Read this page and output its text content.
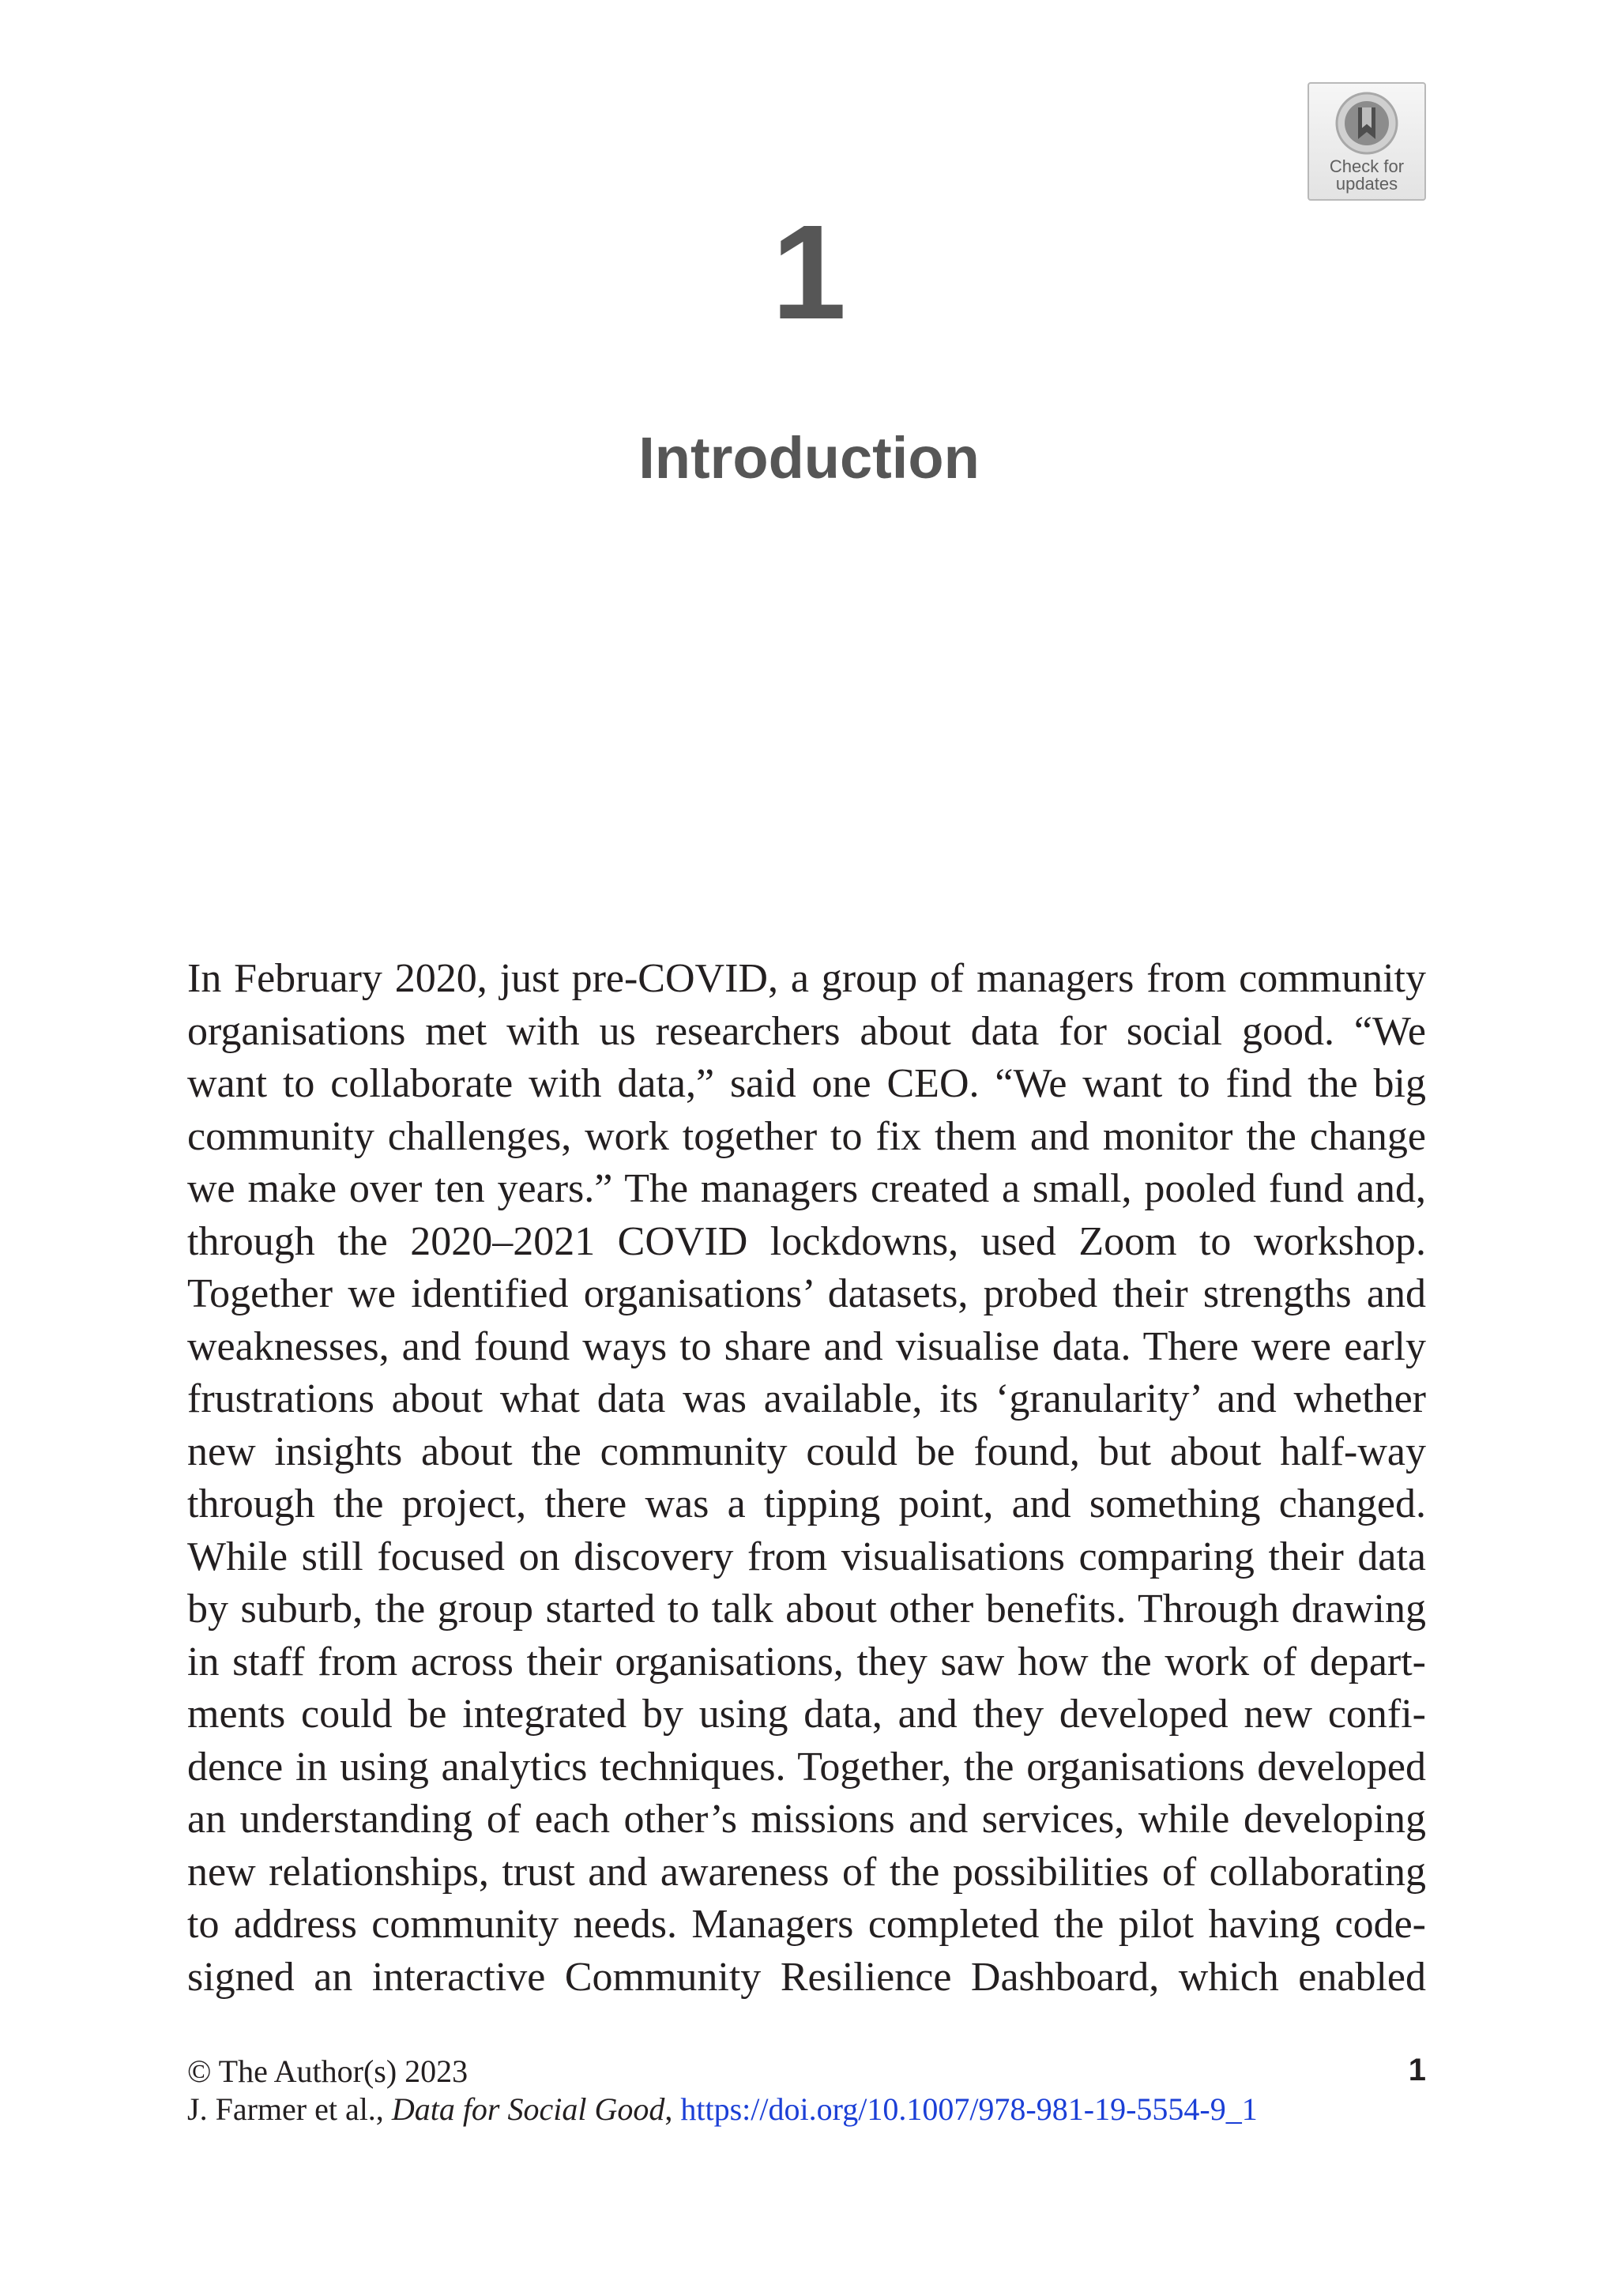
Check for
updates
1
Introduction
In February 2020, just pre-COVID, a group of managers from community
organisations met with us researchers about data for social good. “We
want to collaborate with data,” said one CEO. “We want to find the big
community challenges, work together to fix them and monitor the change
we make over ten years.” The managers created a small, pooled fund and,
through the 2020–2021 COVID lockdowns, used Zoom to workshop.
Together we identified organisations’ datasets, probed their strengths and
weaknesses, and found ways to share and visualise data. There were early
frustrations about what data was available, its ‘granularity’ and whether
new insights about the community could be found, but about half-way
through the project, there was a tipping point, and something changed.
While still focused on discovery from visualisations comparing their data
by suburb, the group started to talk about other benefits. Through drawing
in staff from across their organisations, they saw how the work of depart-
ments could be integrated by using data, and they developed new confi-
dence in using analytics techniques. Together, the organisations developed
an understanding of each other’s missions and services, while developing
new relationships, trust and awareness of the possibilities of collaborating
to address community needs. Managers completed the pilot having code-
signed an interactive Community Resilience Dashboard, which enabled
© The Author(s) 2023
J. Farmer et al., Data for Social Good, https://doi.org/10.1007/978-981-19-5554-9_1
1
